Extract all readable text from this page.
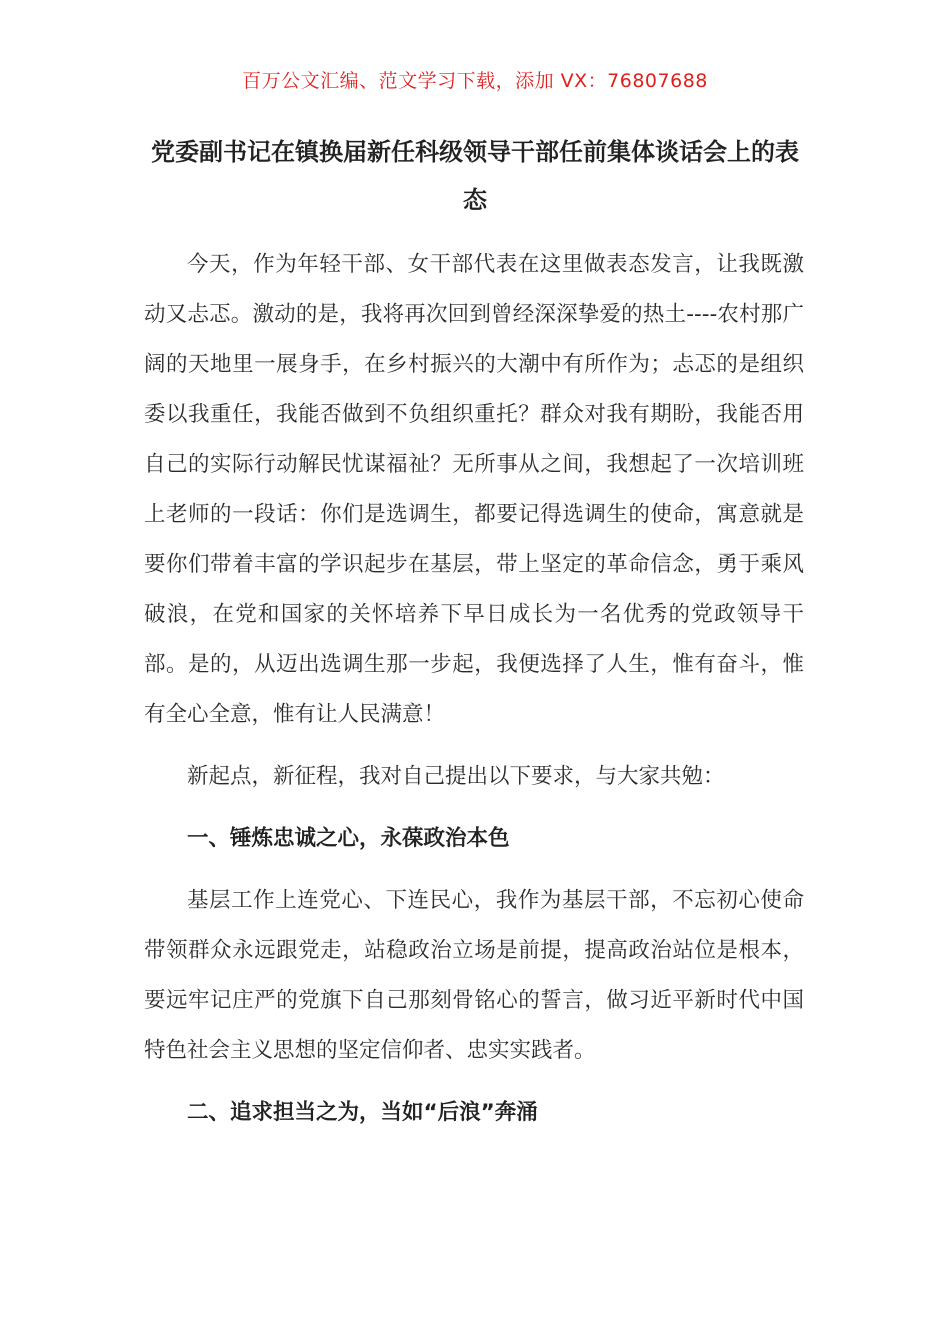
百万公文汇编、范文学习下载，添加 VX：76807688
党委副书记在镇换届新任科级领导干部任前集体谈话会上的表态

今天，作为年轻干部、女干部代表在这里做表态发言，让我既激动又忐忑。激动的是，我将再次回到曾经深深挚爱的热土----农村那广阔的天地里一展身手，在乡村振兴的大潮中有所作为；忐忑的是组织委以我重任，我能否做到不负组织重托？群众对我有期盼，我能否用自己的实际行动解民忧谋福祉？无所事从之间，我想起了一次培训班上老师的一段话：你们是选调生，都要记得选调生的使命，寓意就是要你们带着丰富的学识起步在基层，带上坚定的革命信念，勇于乘风破浪，在党和国家的关怀培养下早日成长为一名优秀的党政领导干部。是的，从迈出选调生那一步起，我便选择了人生，惟有奋斗，惟有全心全意，惟有让人民满意！

新起点，新征程，我对自己提出以下要求，与大家共勉：

一、锤炼忠诚之心，永葆政治本色

基层工作上连党心、下连民心，我作为基层干部，不忘初心使命带领群众永远跟党走，站稳政治立场是前提，提高政治站位是根本，要远牢记庄严的党旗下自己那刻骨铭心的誓言，做习近平新时代中国特色社会主义思想的坚定信仰者、忠实实践者。

二、追求担当之为，当如“后浪”奔涌
